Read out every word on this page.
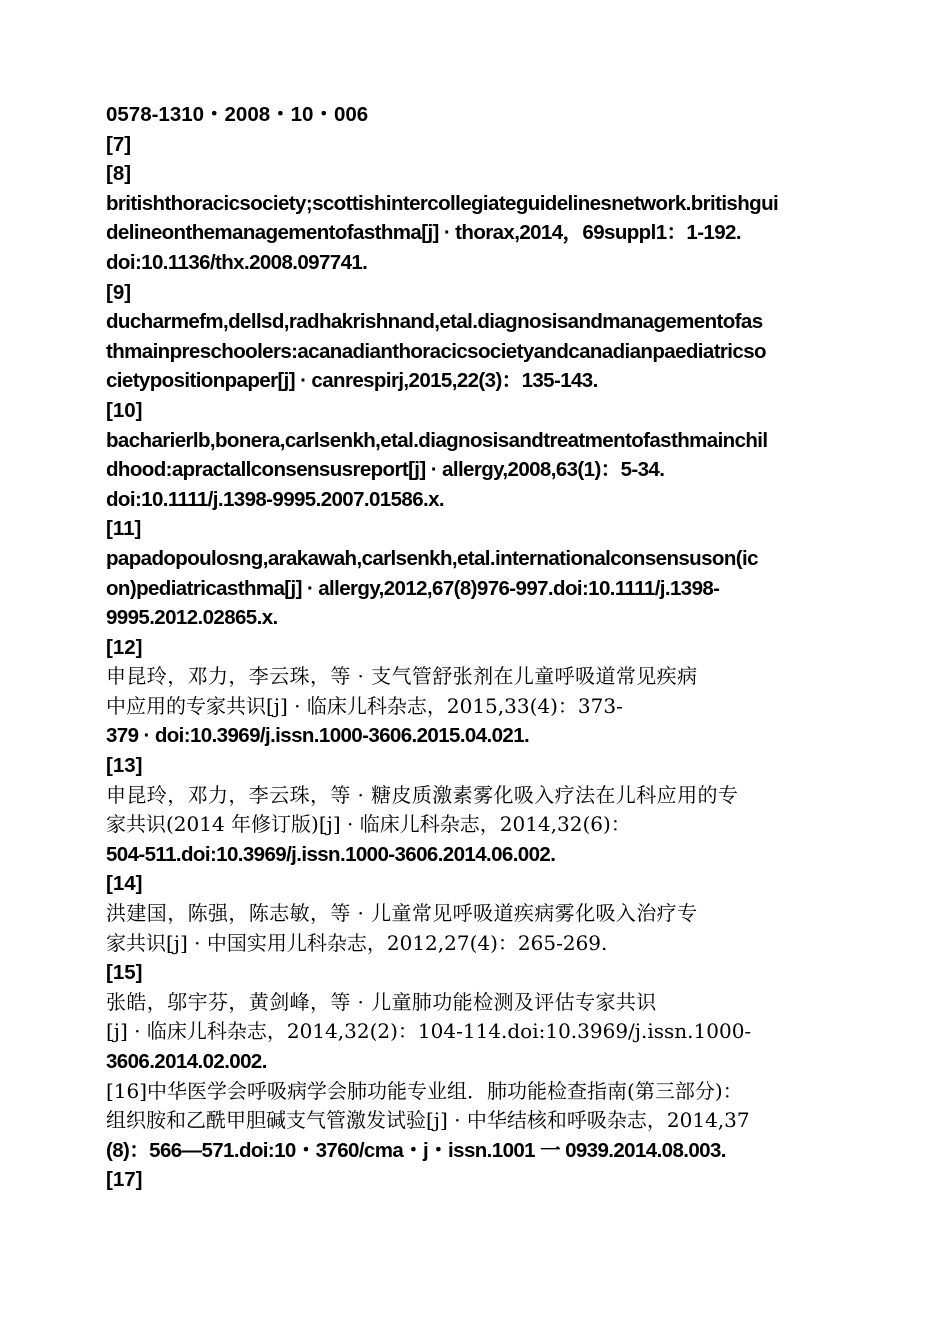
0578-1310・2008・10・006
[7]
[8]
britishthoracicsociety;scottishintercollegiateguidelinesnetwork.britishgui
delineonthemanagementofasthma[j] · thorax,2014，69suppl1：1-192.
doi:10.1136/thx.2008.097741.
[9]
ducharmefm,dellsd,radhakrishnand,etal.diagnosisandmanagementofas
thmainpreschoolers:acanadianthoracicsocietyandcanadianpaediatricso
cietypositionpaper[j] · canrespirj,2015,22(3)：135-143.
[10]
bacharierlb,bonera,carlsenkh,etal.diagnosisandtreatmentofasthmainchil
dhood:apractallconsensusreport[j] · allergy,2008,63(1)：5-34.
doi:10.1111/j.1398-9995.2007.01586.x.
[11]
papadopoulosng,arakawah,carlsenkh,etal.internationalconsensuson(ic
on)pediatricasthma[j] · allergy,2012,67(8)976-997.doi:10.1111/j.1398-
9995.2012.02865.x.
[12]
申昆玲，邓力，李云珠，等 · 支气管舒张剂在儿童呼吸道常见疾病
中应用的专家共识[j] · 临床儿科杂志，2015,33(4)：373-
379 · doi:10.3969/j.issn.1000-3606.2015.04.021.
[13]
申昆玲，邓力，李云珠，等 · 糖皮质激素雾化吸入疗法在儿科应用的专
家共识(2014 年修订版)[j] · 临床儿科杂志，2014,32(6)：
504-511.doi:10.3969/j.issn.1000-3606.2014.06.002.
[14]
洪建国，陈强，陈志敏，等 · 儿童常见呼吸道疾病雾化吸入治疗专
家共识[j] · 中国实用儿科杂志，2012,27(4)：265-269.
[15]
张皓，邬宇芬，黄剑峰，等 · 儿童肺功能检测及评估专家共识
[j] · 临床儿科杂志，2014,32(2)：104-114.doi:10.3969/j.issn.1000-
3606.2014.02.002.
[16]中华医学会呼吸病学会肺功能专业组．肺功能检查指南(第三部分)：
组织胺和乙酰甲胆碱支气管激发试验[j] · 中华结核和呼吸杂志，2014,37
(8)：566—571.doi:10・3760/cma・j・issn.1001 一 0939.2014.08.003.
[17]
